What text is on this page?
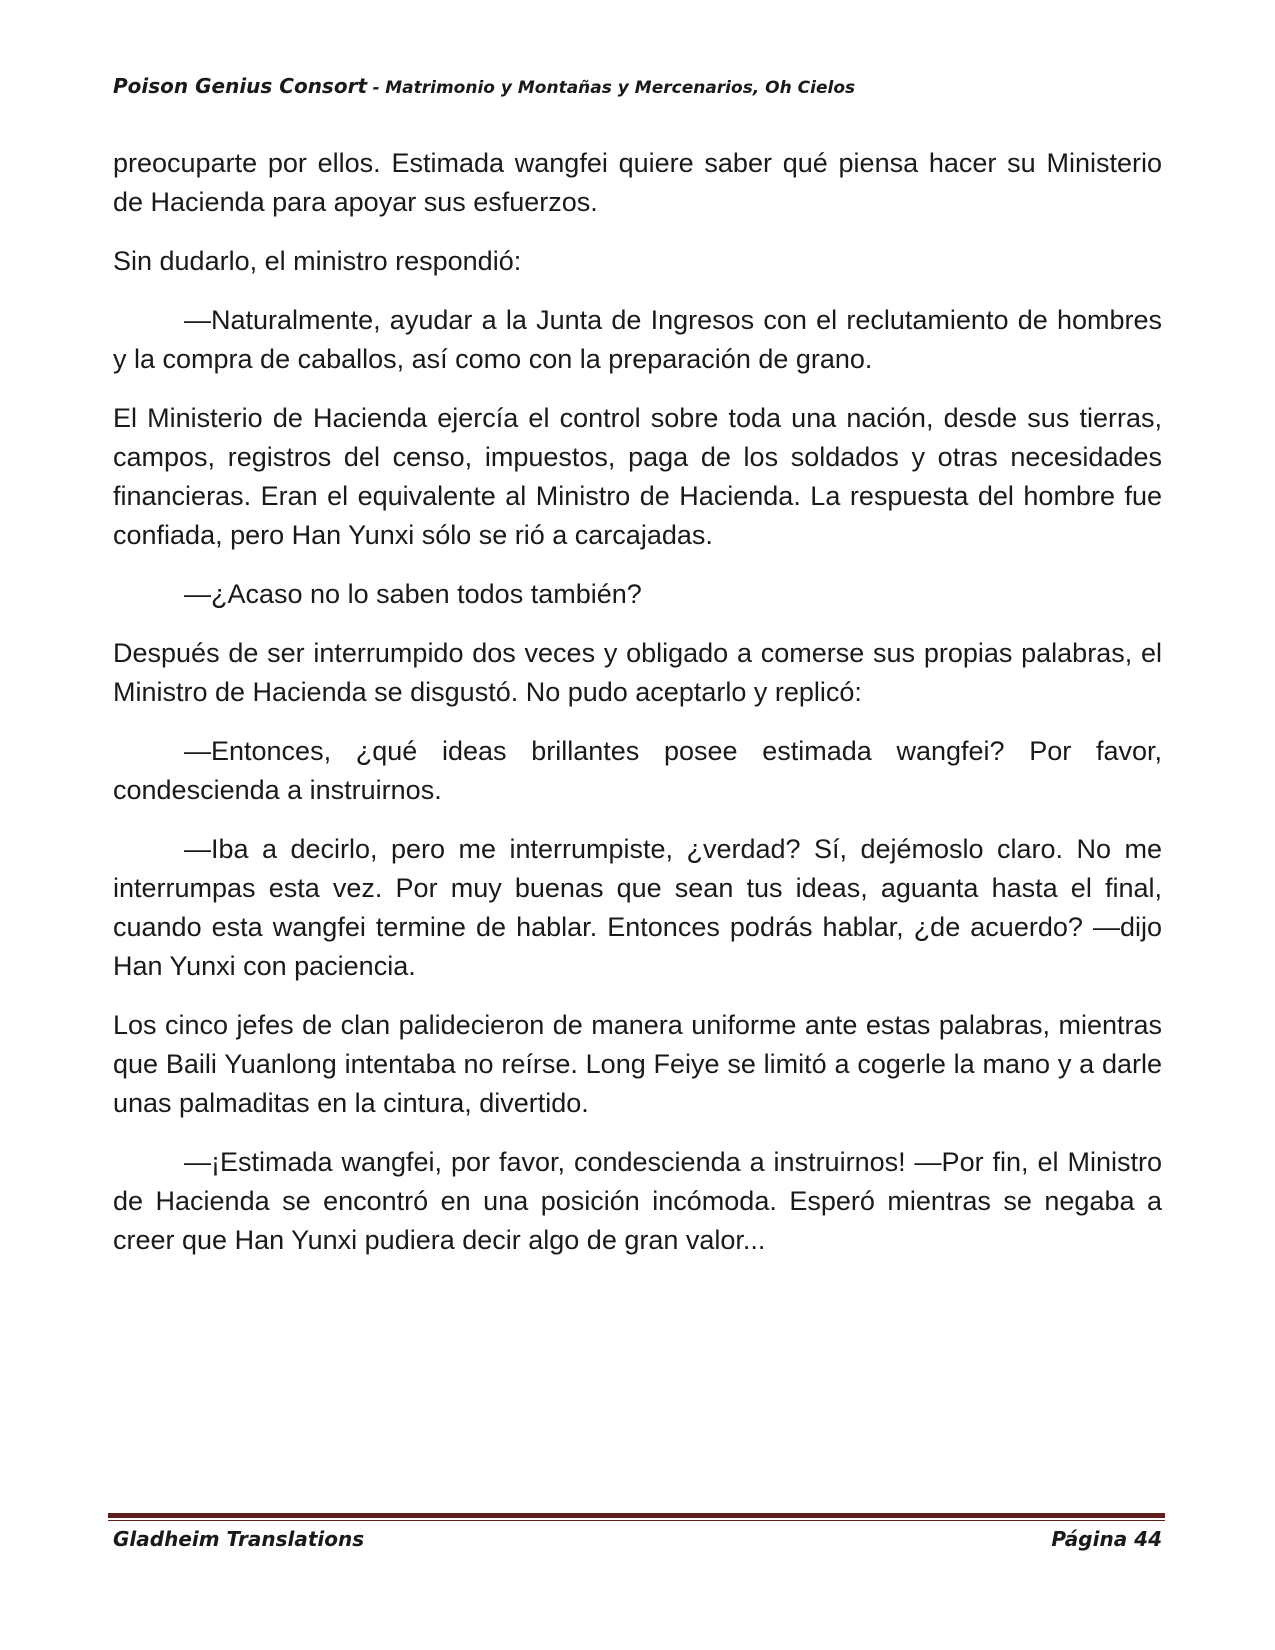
Poison Genius Consort - Matrimonio y Montañas y Mercenarios, Oh Cielos

preocuparte por ellos. Estimada wangfei quiere saber qué piensa hacer su Ministerio de Hacienda para apoyar sus esfuerzos.

Sin dudarlo, el ministro respondió:

—Naturalmente, ayudar a la Junta de Ingresos con el reclutamiento de hombres y la compra de caballos, así como con la preparación de grano.

El Ministerio de Hacienda ejercía el control sobre toda una nación, desde sus tierras, campos, registros del censo, impuestos, paga de los soldados y otras necesidades financieras. Eran el equivalente al Ministro de Hacienda. La respuesta del hombre fue confiada, pero Han Yunxi sólo se rió a carcajadas.

—¿Acaso no lo saben todos también?

Después de ser interrumpido dos veces y obligado a comerse sus propias palabras, el Ministro de Hacienda se disgustó. No pudo aceptarlo y replicó:

—Entonces, ¿qué ideas brillantes posee estimada wangfei? Por favor, condescienda a instruirnos.

—Iba a decirlo, pero me interrumpiste, ¿verdad? Sí, dejémoslo claro. No me interrumpas esta vez. Por muy buenas que sean tus ideas, aguanta hasta el final, cuando esta wangfei termine de hablar. Entonces podrás hablar, ¿de acuerdo? —dijo Han Yunxi con paciencia.

Los cinco jefes de clan palidecieron de manera uniforme ante estas palabras, mientras que Baili Yuanlong intentaba no reírse. Long Feiye se limitó a cogerle la mano y a darle unas palmaditas en la cintura, divertido.

—¡Estimada wangfei, por favor, condescienda a instruirnos! —Por fin, el Ministro de Hacienda se encontró en una posición incómoda. Esperó mientras se negaba a creer que Han Yunxi pudiera decir algo de gran valor...

Gladheim Translations	Página 44
